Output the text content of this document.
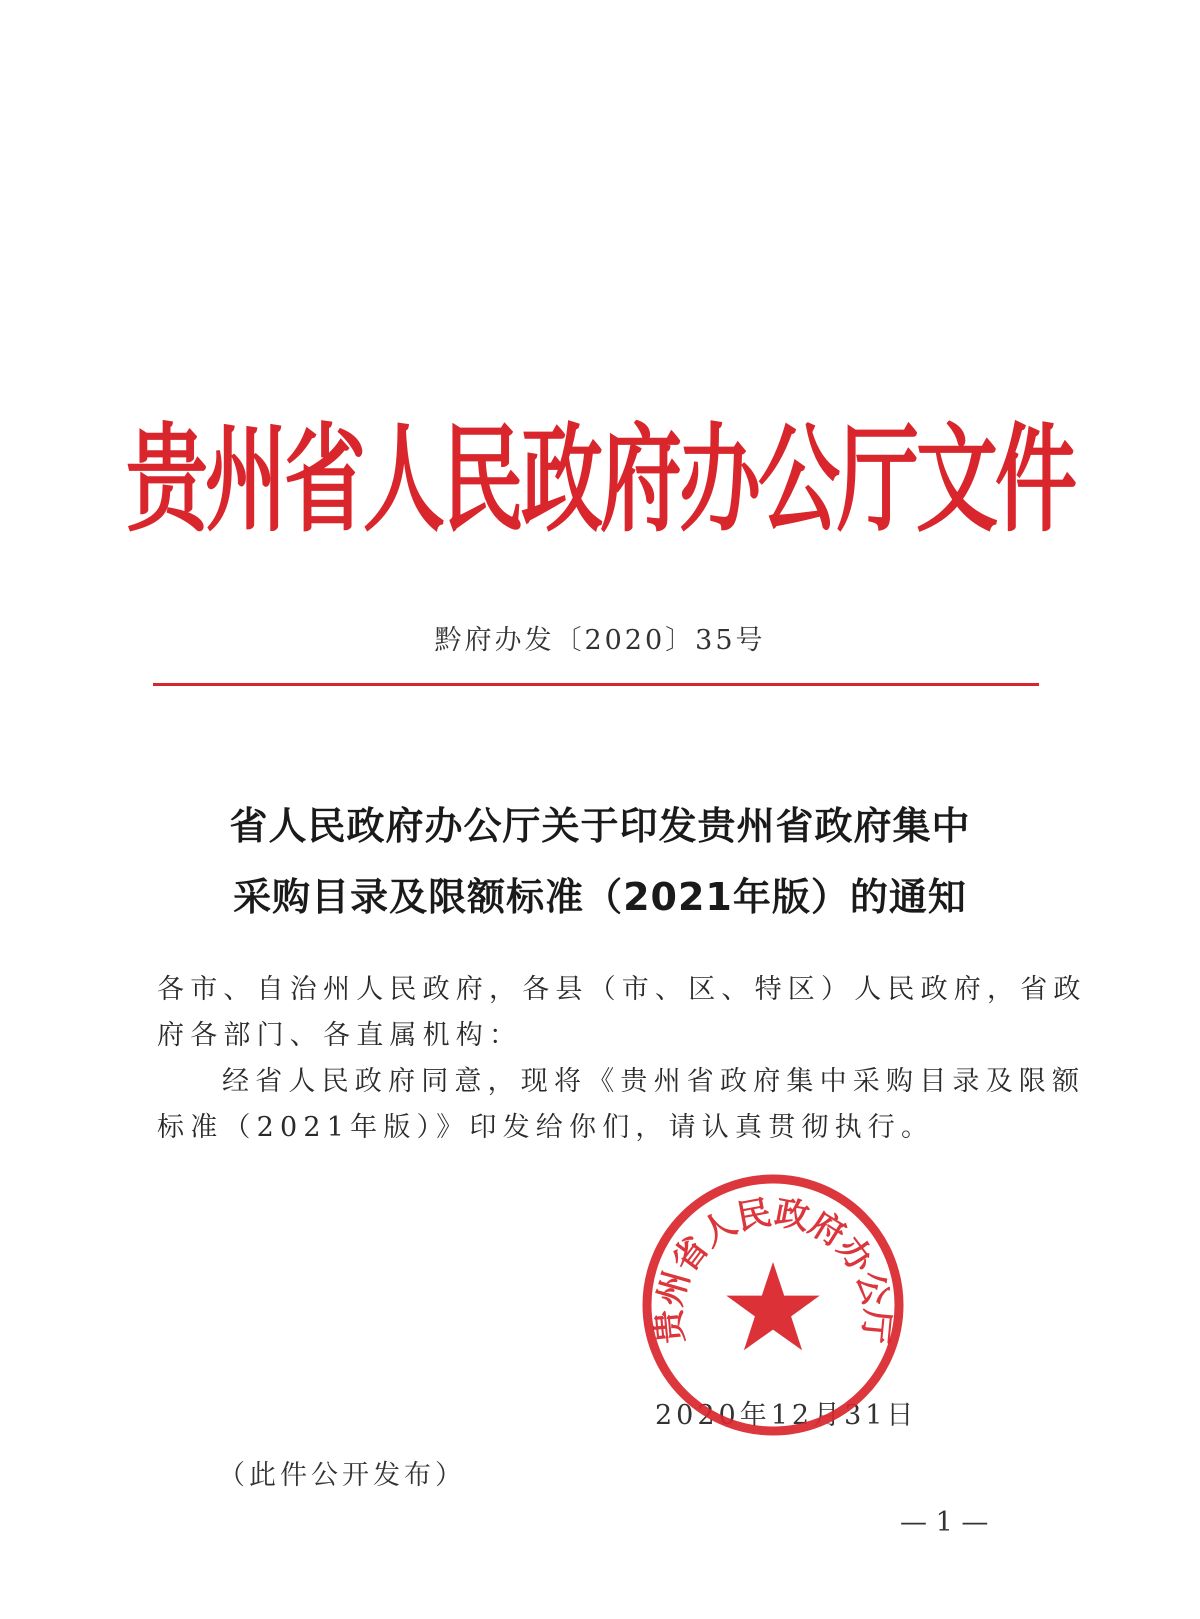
贵州省人民政府办公厅文件
黔府办发〔2020〕35号
省人民政府办公厅关于印发贵州省政府集中
采购目录及限额标准（2021年版）的通知
各市、自治州人民政府，各县（市、区、特区）人民政府，省政
府各部门、各直属机构：
经省人民政府同意，现将《贵州省政府集中采购目录及限额
标准（2021年版）》印发给你们，请认真贯彻执行。
2020年12月31日
贵州省人民政府办公厅
（此件公开发布）
— 1 —
